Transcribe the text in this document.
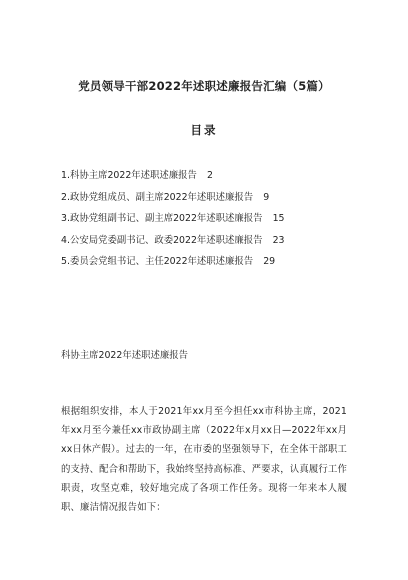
党员领导干部2022年述职述廉报告汇编（5篇）
目录
1.科协主席2022年述职述廉报告 2
2.政协党组成员、副主席2022年述职述廉报告 9
3.政协党组副书记、副主席2022年述职述廉报告 15
4.公安局党委副书记、政委2022年述职述廉报告 23
5.委员会党组书记、主任2022年述职述廉报告 29
科协主席2022年述职述廉报告

根据组织安排，本人于2021年xx月至今担任xx市科协主席，2021年xx月至今兼任xx市政协副主席（2022年x月xx日—2022年xx月xx日休产假）。过去的一年，在市委的坚强领导下，在全体干部职工的支持、配合和帮助下，我始终坚持高标准、严要求，认真履行工作职责，攻坚克难，较好地完成了各项工作任务。现将一年来本人履职、廉洁情况报告如下：
